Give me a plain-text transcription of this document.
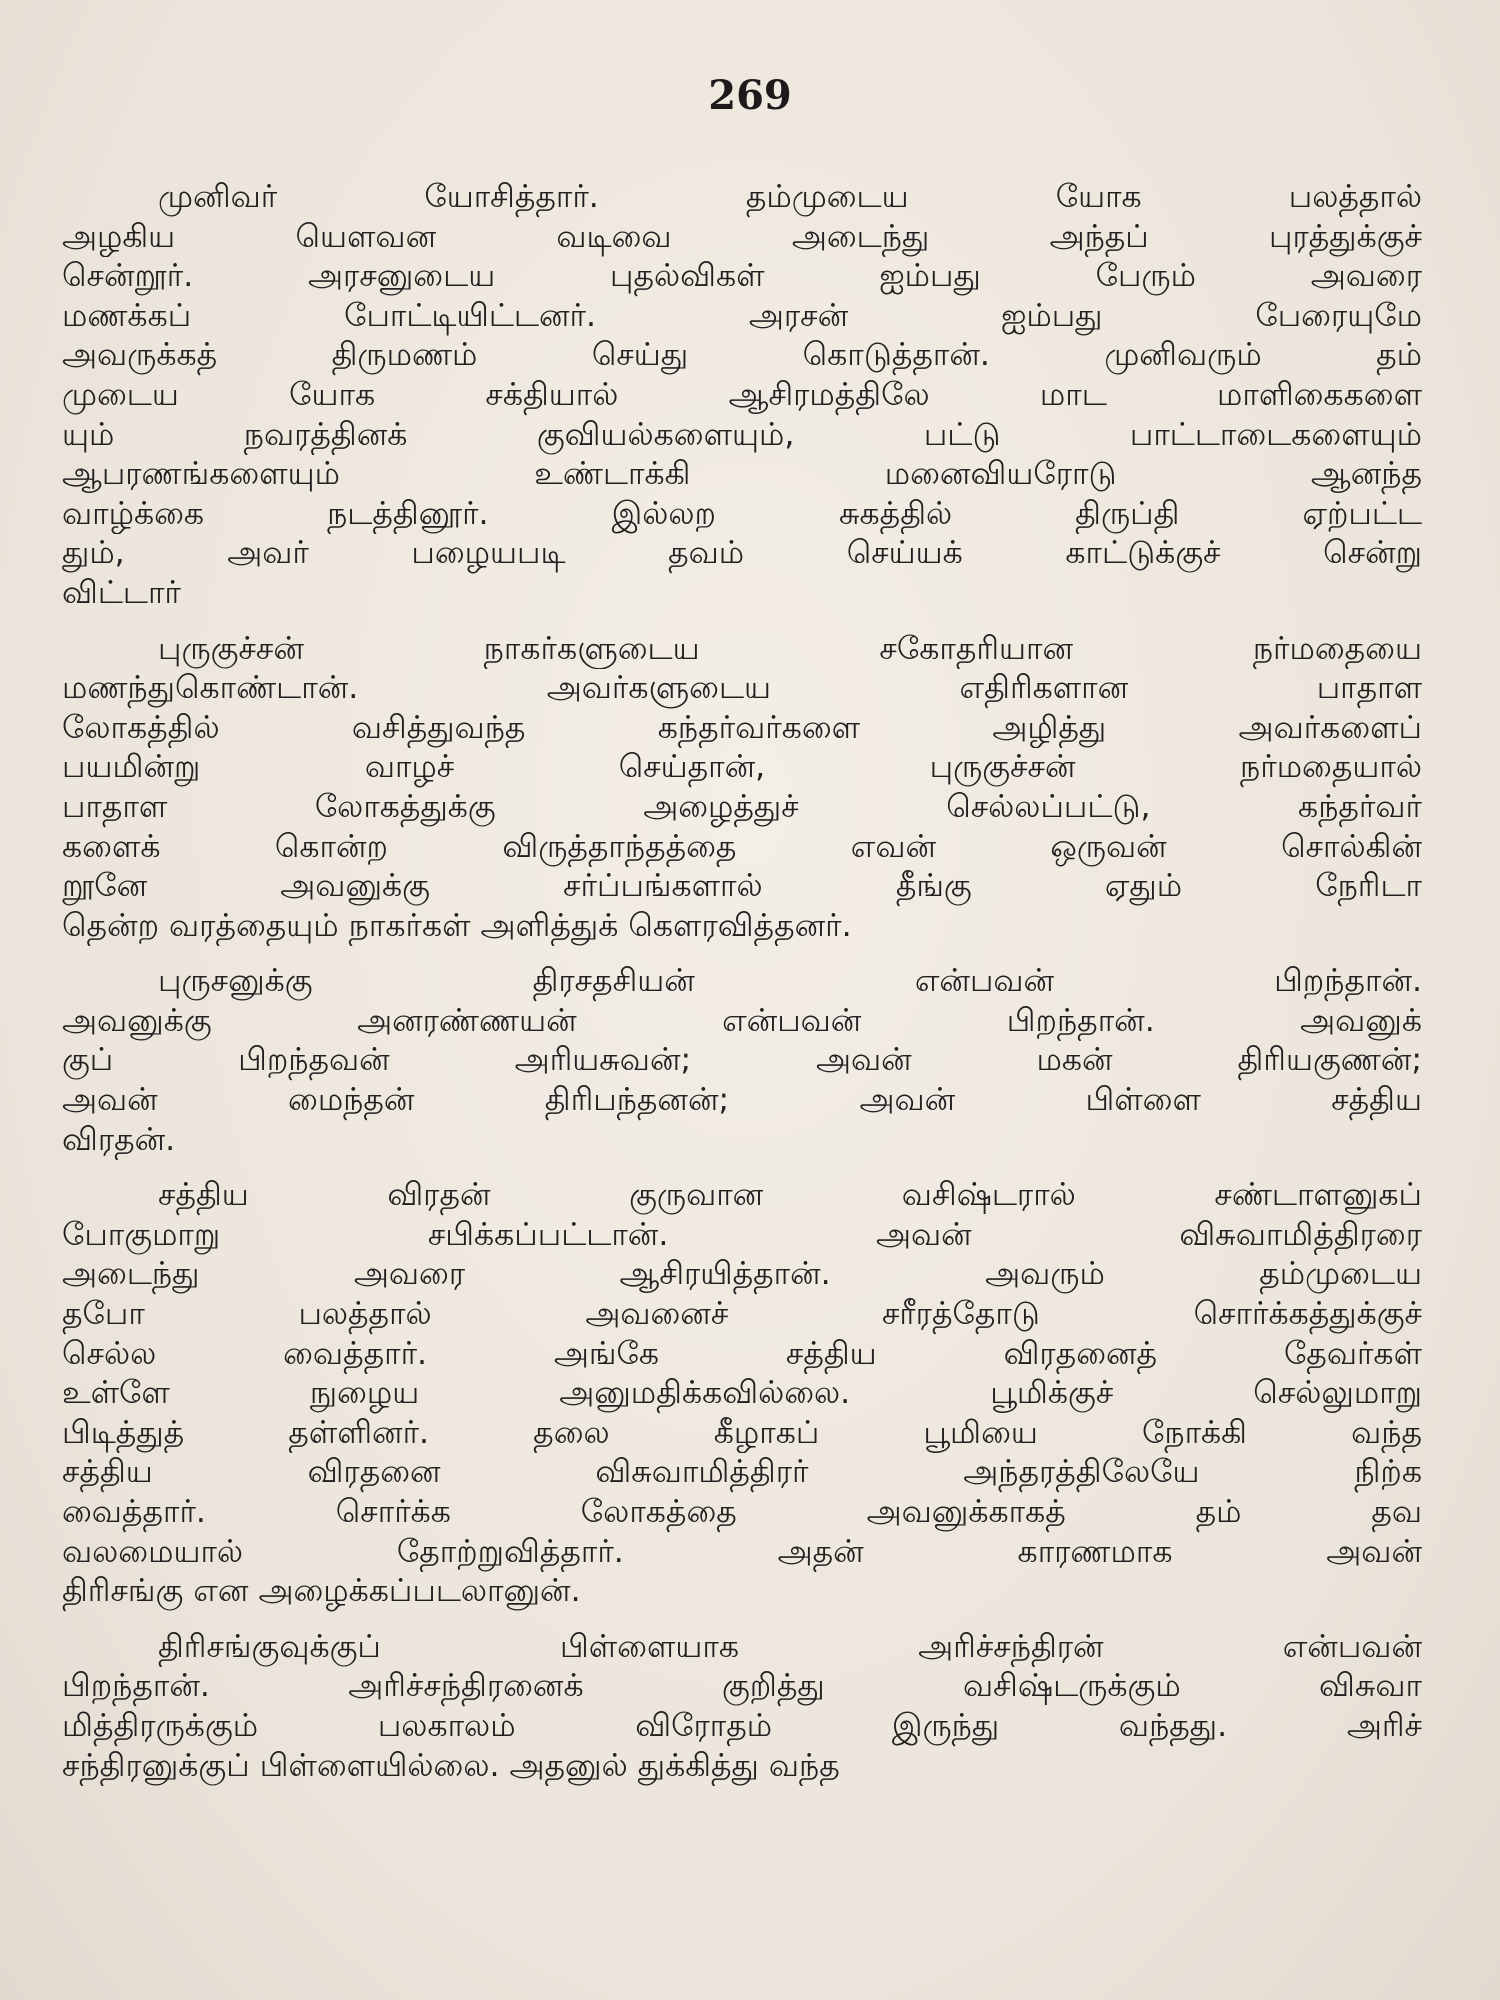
269
முனிவர் யோசித்தார். தம்முடைய யோக பலத்தால்
அழகிய யௌவன வடிவை அடைந்து அந்தப் புரத்துக்குச்
சென்றூர். அரசனுடைய புதல்விகள் ஐம்பது பேரும் அவரை
மணக்கப் போட்டியிட்டனர். அரசன் ஐம்பது பேரையுமே
அவருக்கத் திருமணம் செய்து கொடுத்தான். முனிவரும் தம்
முடைய யோக சக்தியால் ஆசிரமத்திலே மாட மாளிகைகளை
யும் நவரத்தினக் குவியல்களையும், பட்டு பாட்டாடைகளையும்
ஆபரணங்களையும் உண்டாக்கி மனைவியரோடு ஆனந்த
வாழ்க்கை நடத்தினூர். இல்லற சுகத்தில் திருப்தி ஏற்பட்ட
தும், அவர் பழையபடி தவம் செய்யக் காட்டுக்குச் சென்று
விட்டார்
புருகுச்சன் நாகர்களுடைய சகோதரியான நர்மதையை
மணந்துகொண்டான். அவர்களுடைய எதிரிகளான பாதாள
லோகத்தில் வசித்துவந்த கந்தர்வர்களை அழித்து அவர்களைப்
பயமின்று வாழச் செய்தான், புருகுச்சன் நர்மதையால்
பாதாள லோகத்துக்கு அழைத்துச் செல்லப்பட்டு, கந்தர்வர்
களைக் கொன்ற விருத்தாந்தத்தை எவன் ஒருவன் சொல்கின்
றூனே அவனுக்கு சர்ப்பங்களால் தீங்கு ஏதும் நேரிடா
தென்ற வரத்தையும் நாகர்கள் அளித்துக் கௌரவித்தனர்.
புருசனுக்கு திரசதசியன் என்பவன் பிறந்தான்.
அவனுக்கு அனரண்ணயன் என்பவன் பிறந்தான். அவனுக்
குப் பிறந்தவன் அரியசுவன்; அவன் மகன் திரியகுணன்;
அவன் மைந்தன் திரிபந்தனன்; அவன் பிள்ளை சத்திய
விரதன்.
சத்திய விரதன் குருவான வசிஷ்டரால் சண்டாளனுகப்
போகுமாறு சபிக்கப்பட்டான். அவன் விசுவாமித்திரரை
அடைந்து அவரை ஆசிரயித்தான். அவரும் தம்முடைய
தபோ பலத்தால் அவனைச் சரீரத்தோடு சொர்க்கத்துக்குச்
செல்ல வைத்தார். அங்கே சத்திய விரதனைத் தேவர்கள்
உள்ளே நுழைய அனுமதிக்கவில்லை. பூமிக்குச் செல்லுமாறு
பிடித்துத் தள்ளினர். தலை கீழாகப் பூமியை நோக்கி வந்த
சத்திய விரதனை விசுவாமித்திரர் அந்தரத்திலேயே நிற்க
வைத்தார். சொர்க்க லோகத்தை அவனுக்காகத் தம் தவ
வலமையால் தோற்றுவித்தார். அதன் காரணமாக அவன்
திரிசங்கு என அழைக்கப்படலானுன்.
திரிசங்குவுக்குப் பிள்ளையாக அரிச்சந்திரன் என்பவன்
பிறந்தான். அரிச்சந்திரனைக் குறித்து வசிஷ்டருக்கும் விசுவா
மித்திரருக்கும் பலகாலம் விரோதம் இருந்து வந்தது. அரிச்
சந்திரனுக்குப் பிள்ளையில்லை. அதனுல் துக்கித்து வந்த
